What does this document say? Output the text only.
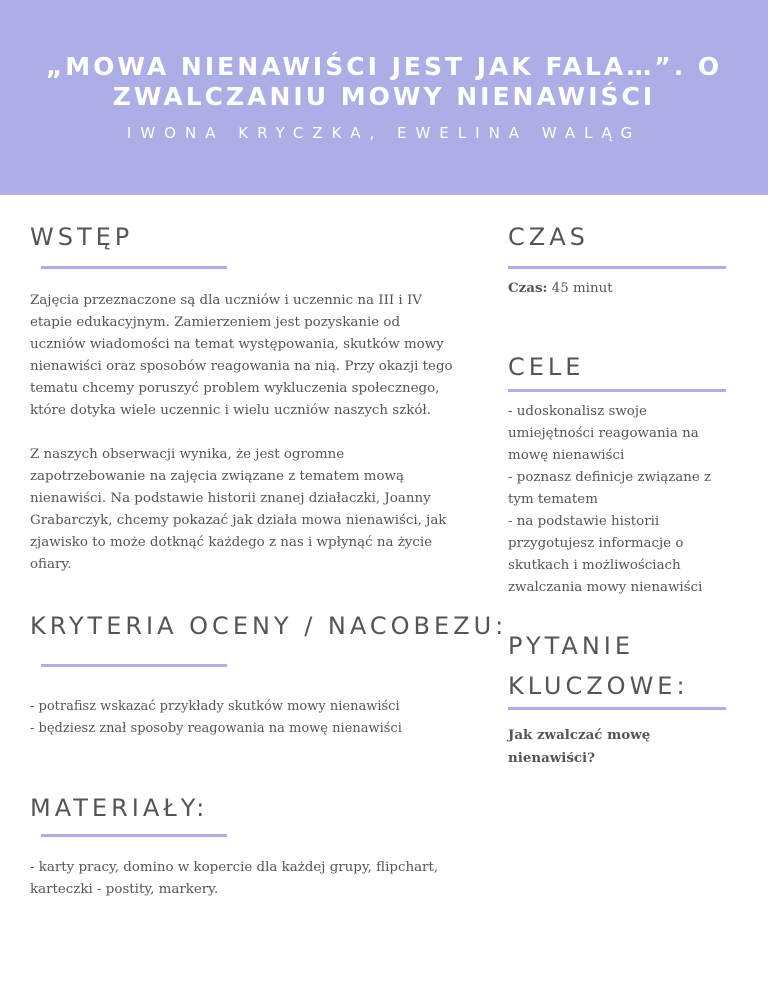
„MOWA NIENAWIŚCI JEST JAK FALA…”. O ZWALCZANIU MOWY NIENAWIŚCI

IWONA KRYCZKA, EWELINA WALĄG

WSTĘP

Zajęcia przeznaczone są dla uczniów i uczennic na III i IV etapie edukacyjnym. Zamierzeniem jest pozyskanie od uczniów wiadomości na temat występowania, skutków mowy nienawiści oraz sposobów reagowania na nią. Przy okazji tego tematu chcemy poruszyć problem wykluczenia społecznego, które dotyka wiele uczennic i wielu uczniów naszych szkół.

Z naszych obserwacji wynika, że jest ogromne zapotrzebowanie na zajęcia związane z tematem mową nienawiści. Na podstawie historii znanej działaczki, Joanny Grabarczyk, chcemy pokazać jak działa mowa nienawiści, jak zjawisko to może dotknąć każdego z nas i wpłynąć na życie ofiary.

KRYTERIA OCENY / NACOBEZU:

- potrafisz wskazać przykłady skutków mowy nienawiści

- będziesz znał sposoby reagowania na mowę nienawiści

MATERIAŁY:

- karty pracy, domino w kopercie dla każdej grupy, flipchart, karteczki - postity, markery.

CZAS

Czas: 45 minut

CELE

- udoskonalisz swoje umiejętności reagowania na mowę nienawiści

- poznasz definicje związane z tym tematem

- na podstawie historii przygotujesz informacje o skutkach i możliwościach zwalczania mowy nienawiści

PYTANIE
KLUCZOWE:

Jak zwalczać mowę nienawiści?
